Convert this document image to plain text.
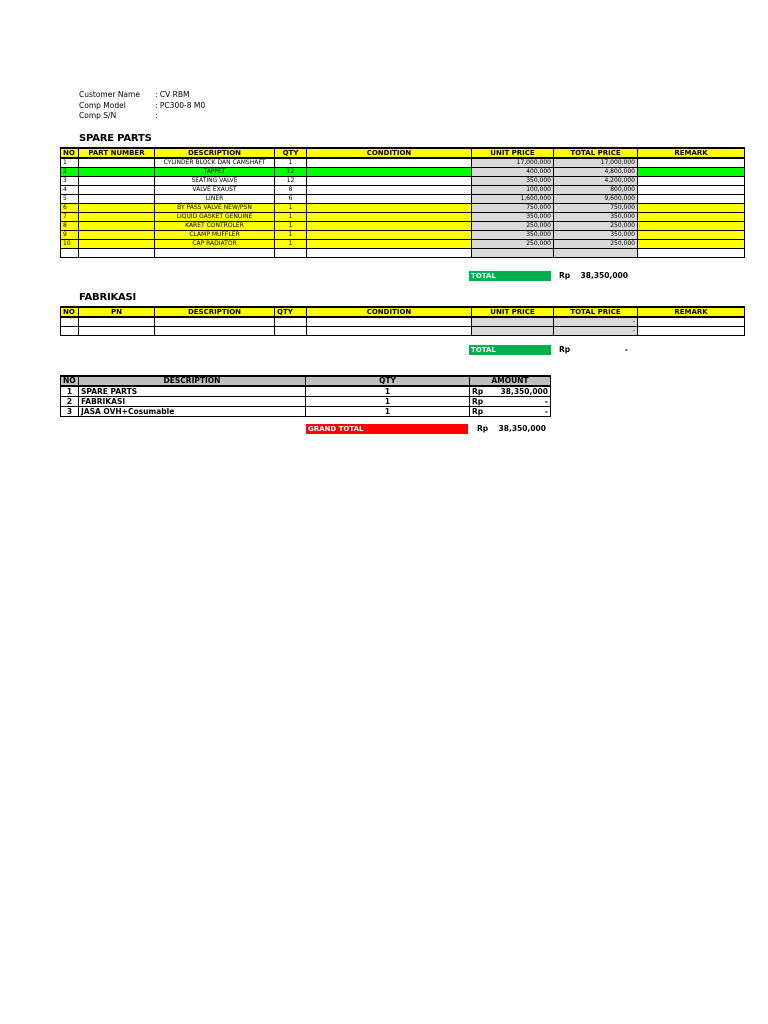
Customer Name : CV RBM
Comp Model	: PC300-8 M0
Comp S/N	:
SPARE PARTS
NO	PART NUMBER	DESCRIPTION	QTY	CONDITION	UNIT PRICE	TOTAL PRICE	REMARK
1		CYLINDER BLOCK DAN CAMSHAFT	1		17,000,000	17,000,000	
2		TAPPET	12		400,000	4,800,000	
3		SEATING VALVE	12		350,000	4,200,000	
4		VALVE EXAUST	8		100,000	800,000	
5		LINER	6		1,600,000	9,600,000	
6		BY PASS VALVE NEW/PSN	1		750,000	750,000	
7		LIQUID GASKET GENUINE	1		350,000	350,000	
8		KARET CONTROLER	1		250,000	250,000	
9		CLAMP MUFFLER	1		350,000	350,000	
10		CAP RADIATOR	1		250,000	250,000	

TOTAL	Rp 38,350,000
FABRIKASI
NO	PN	DESCRIPTION	QTY	CONDITION	UNIT PRICE	TOTAL PRICE	REMARK
						-	
						-	
TOTAL	Rp	-
NO	DESCRIPTION	QTY	AMOUNT
1	SPARE PARTS	1	Rp 38,350,000

2	FABRIKASI	1	Rp -

3	JASA OVH+Cosumable	1	Rp -
GRAND TOTAL	Rp	38,350,000
